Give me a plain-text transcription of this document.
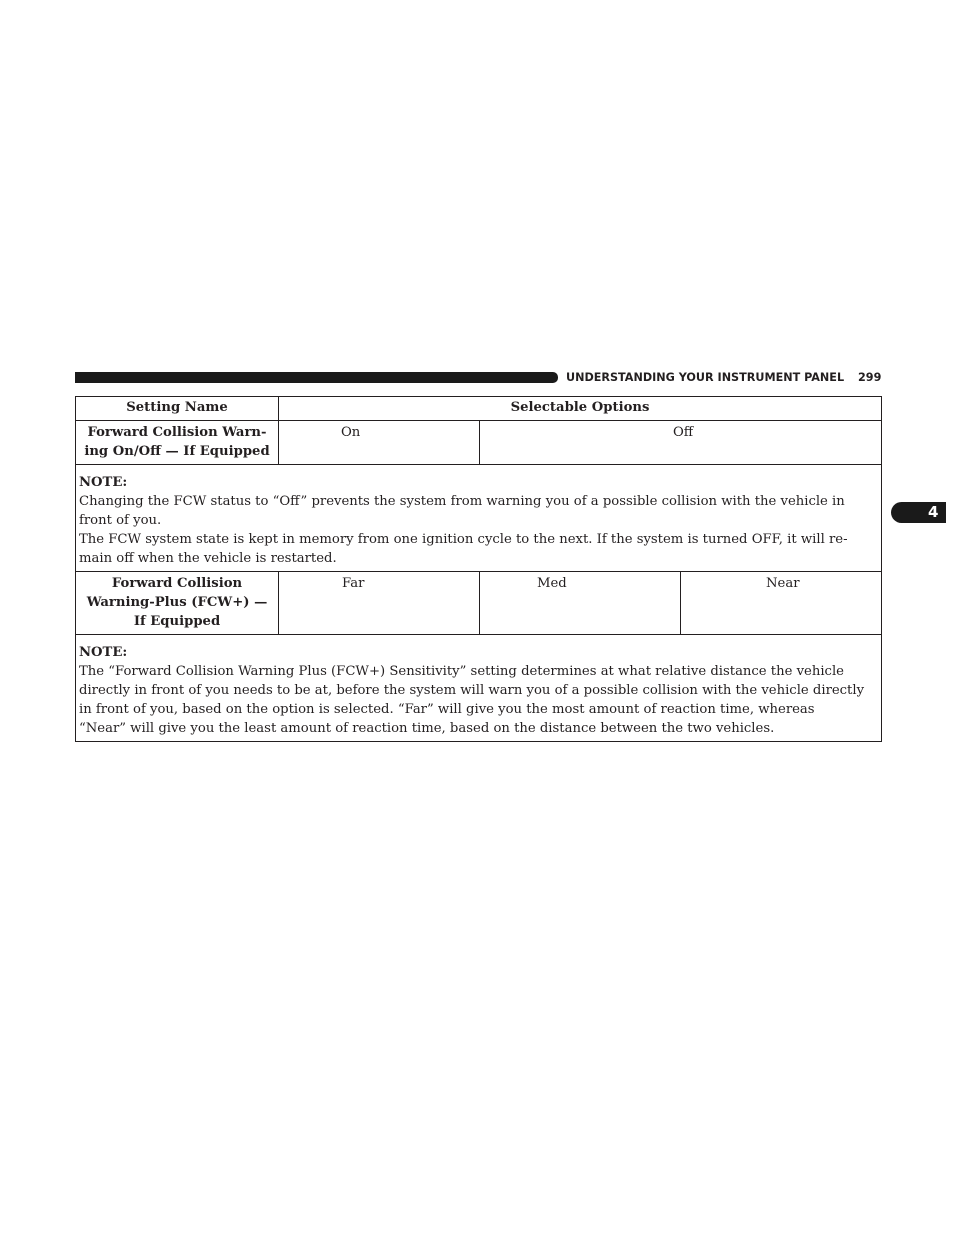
UNDERSTANDING YOUR INSTRUMENT PANEL 299
4
Setting Name	Selectable Options		

Forward Collision Warn-
ing On/Off — If Equipped	On	Off	

NOTE:
Changing the FCW status to “Off” prevents the system from warning you of a possible collision with the vehicle in
front of you.
The FCW system state is kept in memory from one ignition cycle to the next. If the system is turned OFF, it will re-
main off when the vehicle is restarted.			

Forward Collision
Warning-Plus (FCW+) —
If Equipped	Far	Med	Near

NOTE:
The “Forward Collision Warning Plus (FCW+) Sensitivity” setting determines at what relative distance the vehicle
directly in front of you needs to be at, before the system will warn you of a possible collision with the vehicle directly
in front of you, based on the option is selected. “Far” will give you the most amount of reaction time, whereas
“Near” will give you the least amount of reaction time, based on the distance between the two vehicles.			
